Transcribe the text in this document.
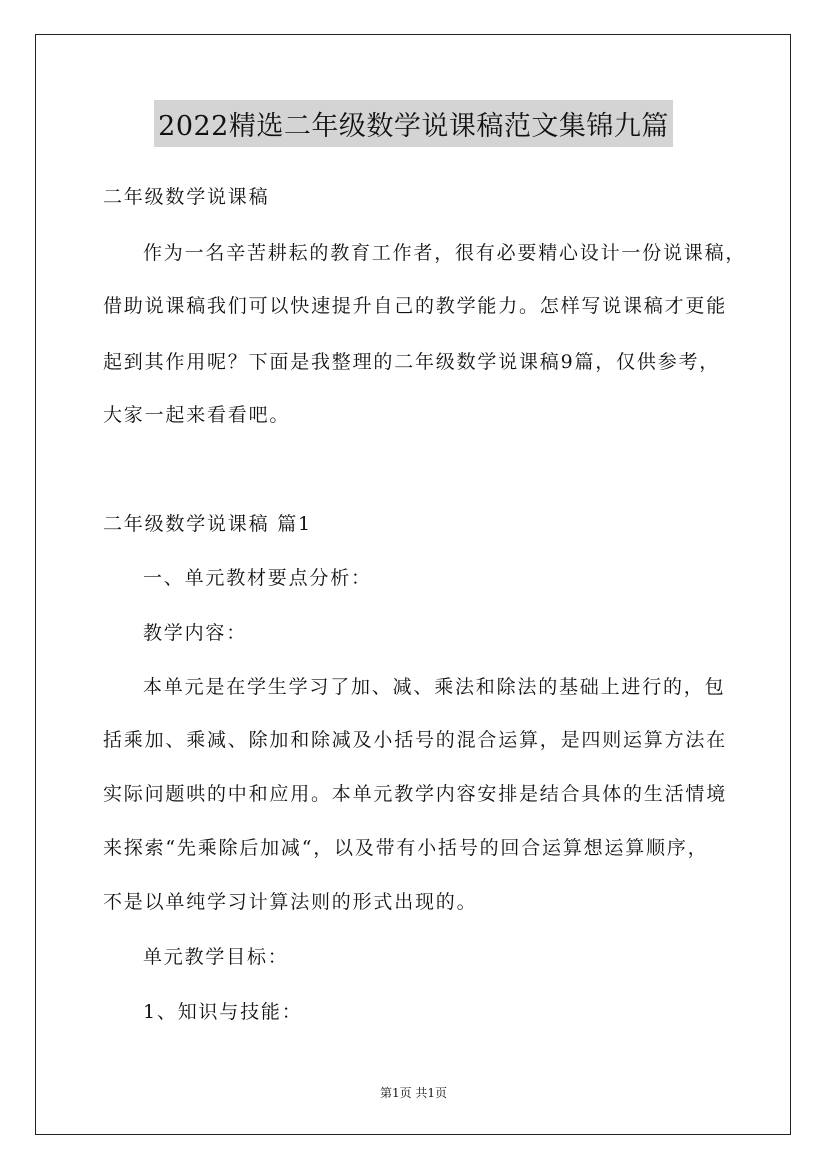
2022精选二年级数学说课稿范文集锦九篇
二年级数学说课稿
作为一名辛苦耕耘的教育工作者，很有必要精心设计一份说课稿，
借助说课稿我们可以快速提升自己的教学能力。怎样写说课稿才更能
起到其作用呢？下面是我整理的二年级数学说课稿9篇，仅供参考，
大家一起来看看吧。
二年级数学说课稿 篇1
一、单元教材要点分析：
教学内容：
本单元是在学生学习了加、减、乘法和除法的基础上进行的，包
括乘加、乘减、除加和除减及小括号的混合运算，是四则运算方法在
实际问题哄的中和应用。本单元教学内容安排是结合具体的生活情境
来探索“先乘除后加减“，以及带有小括号的回合运算想运算顺序，
不是以单纯学习计算法则的形式出现的。
单元教学目标：
1、知识与技能：
第1页 共1页
